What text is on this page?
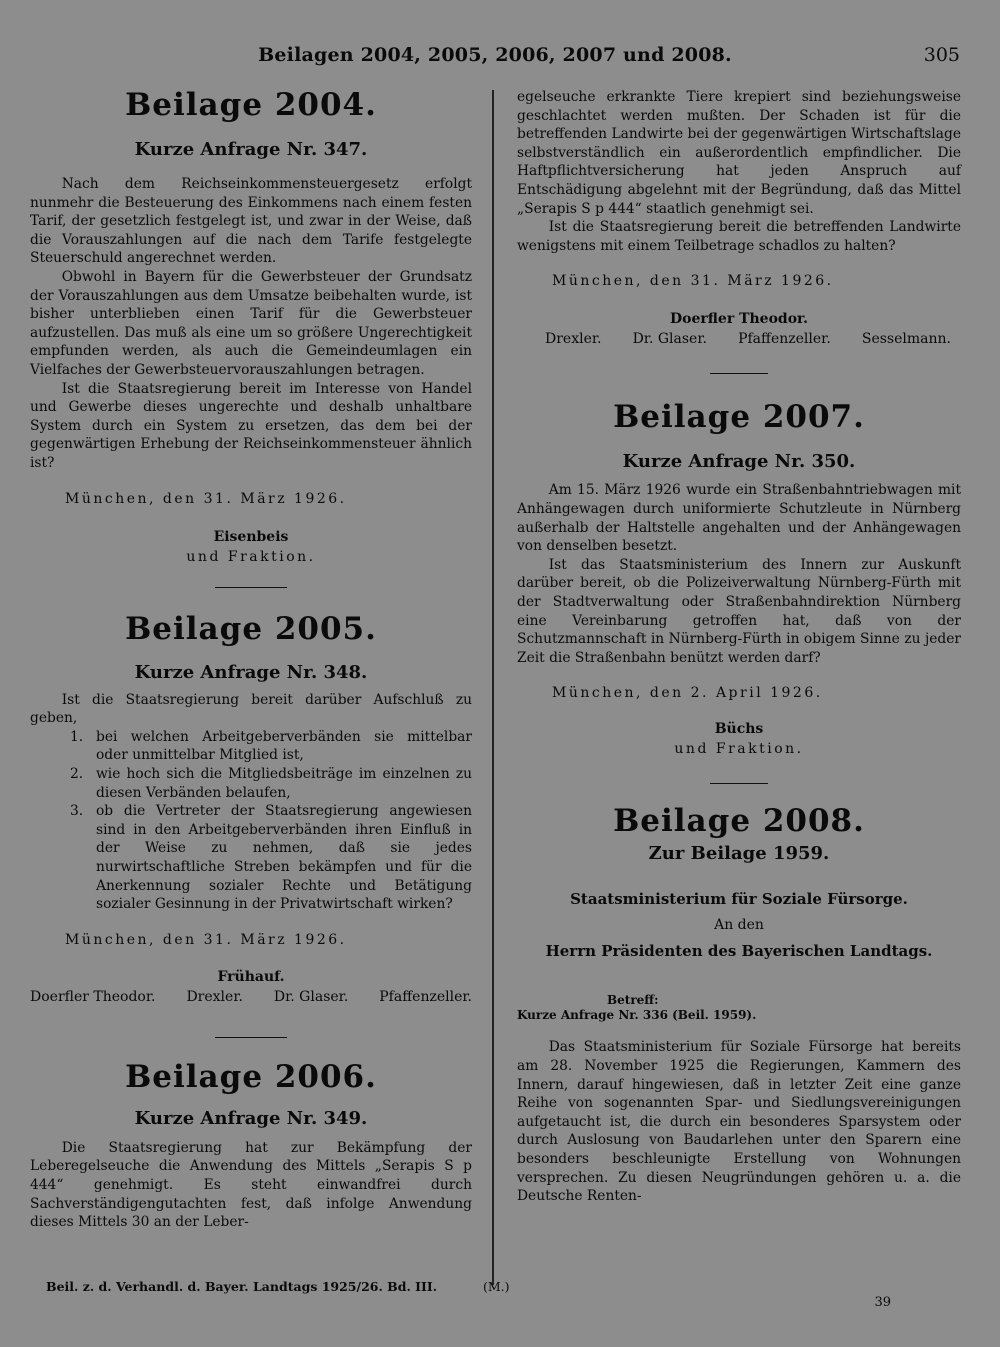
Beilagen 2004, 2005, 2006, 2007 und 2008.	305
Beilage 2004.
Kurze Anfrage Nr. 347.

Nach dem Reichseinkommensteuergesetz erfolgt nunmehr die Besteuerung des Einkommens nach einem festen Tarif, der gesetzlich festgelegt ist, und zwar in der Weise, daß die Vorauszahlungen auf die nach dem Tarife festgelegte Steuerschuld angerechnet werden.

Obwohl in Bayern für die Gewerbsteuer der Grundsatz der Vorauszahlungen aus dem Umsatze beibehalten wurde, ist bisher unterblieben einen Tarif für die Gewerbsteuer aufzustellen. Das muß als eine um so größere Ungerechtigkeit empfunden werden, als auch die Gemeindeumlagen ein Vielfaches der Gewerbsteuervorauszahlungen betragen.

Ist die Staatsregierung bereit im Interesse von Handel und Gewerbe dieses ungerechte und deshalb unhaltbare System durch ein System zu ersetzen, das dem bei der gegenwärtigen Erhebung der Reichseinkommensteuer ähnlich ist?

München, den 31. März 1926.

Eisenbeis

und Fraktion.

Beilage 2005.
Kurze Anfrage Nr. 348.

Ist die Staatsregierung bereit darüber Aufschluß zu geben,

1. bei welchen Arbeitgeberverbänden sie mittelbar oder unmittelbar Mitglied ist,
2. wie hoch sich die Mitgliedsbeiträge im einzelnen zu diesen Verbänden belaufen,
3. ob die Vertreter der Staatsregierung angewiesen sind in den Arbeitgeberverbänden ihren Einfluß in der Weise zu nehmen, daß sie jedes nurwirtschaftliche Streben bekämpfen und für die Anerkennung sozialer Rechte und Betätigung sozialer Gesinnung in der Privatwirtschaft wirken?

München, den 31. März 1926.

Frühauf.

Doerfler Theodor. Drexler. Dr. Glaser. Pfaffenzeller.
Beilage 2006.
Kurze Anfrage Nr. 349.

Die Staatsregierung hat zur Bekämpfung der Leberegelseuche die Anwendung des Mittels „Serapis S p 444“ genehmigt. Es steht einwandfrei durch Sachverständigengutachten fest, daß infolge Anwendung dieses Mittels 30 an der Leber-

egelseuche erkrankte Tiere krepiert sind beziehungsweise geschlachtet werden mußten. Der Schaden ist für die betreffenden Landwirte bei der gegenwärtigen Wirtschaftslage selbstverständlich ein außerordentlich empfindlicher. Die Haftpflichtversicherung hat jeden Anspruch auf Entschädigung abgelehnt mit der Begründung, daß das Mittel „Serapis S p 444“ staatlich genehmigt sei.

Ist die Staatsregierung bereit die betreffenden Landwirte wenigstens mit einem Teilbetrage schadlos zu halten?

München, den 31. März 1926.

Doerfler Theodor.

Drexler. Dr. Glaser. Pfaffenzeller. Sesselmann.
Beilage 2007.
Kurze Anfrage Nr. 350.

Am 15. März 1926 wurde ein Straßenbahntriebwagen mit Anhängewagen durch uniformierte Schutzleute in Nürnberg außerhalb der Haltstelle angehalten und der Anhängewagen von denselben besetzt.

Ist das Staatsministerium des Innern zur Auskunft darüber bereit, ob die Polizeiverwaltung Nürnberg-Fürth mit der Stadtverwaltung oder Straßenbahndirektion Nürnberg eine Vereinbarung getroffen hat, daß von der Schutzmannschaft in Nürnberg-Fürth in obigem Sinne zu jeder Zeit die Straßenbahn benützt werden darf?

München, den 2. April 1926.

Büchs

und Fraktion.

Beilage 2008.
Zur Beilage 1959.

Staatsministerium für Soziale Fürsorge.

An den

Herrn Präsidenten des Bayerischen Landtags.

Betreff:

Kurze Anfrage Nr. 336 (Beil. 1959).

Das Staatsministerium für Soziale Fürsorge hat bereits am 28. November 1925 die Regierungen, Kammern des Innern, darauf hingewiesen, daß in letzter Zeit eine ganze Reihe von sogenannten Spar- und Siedlungsvereinigungen aufgetaucht ist, die durch ein besonderes Sparsystem oder durch Auslosung von Baudarlehen unter den Sparern eine besonders beschleunigte Erstellung von Wohnungen versprechen. Zu diesen Neugründungen gehören u. a. die Deutsche Renten-

Beil. z. d. Verhandl. d. Bayer. Landtags 1925/26. Bd. III.	(M.)
39
